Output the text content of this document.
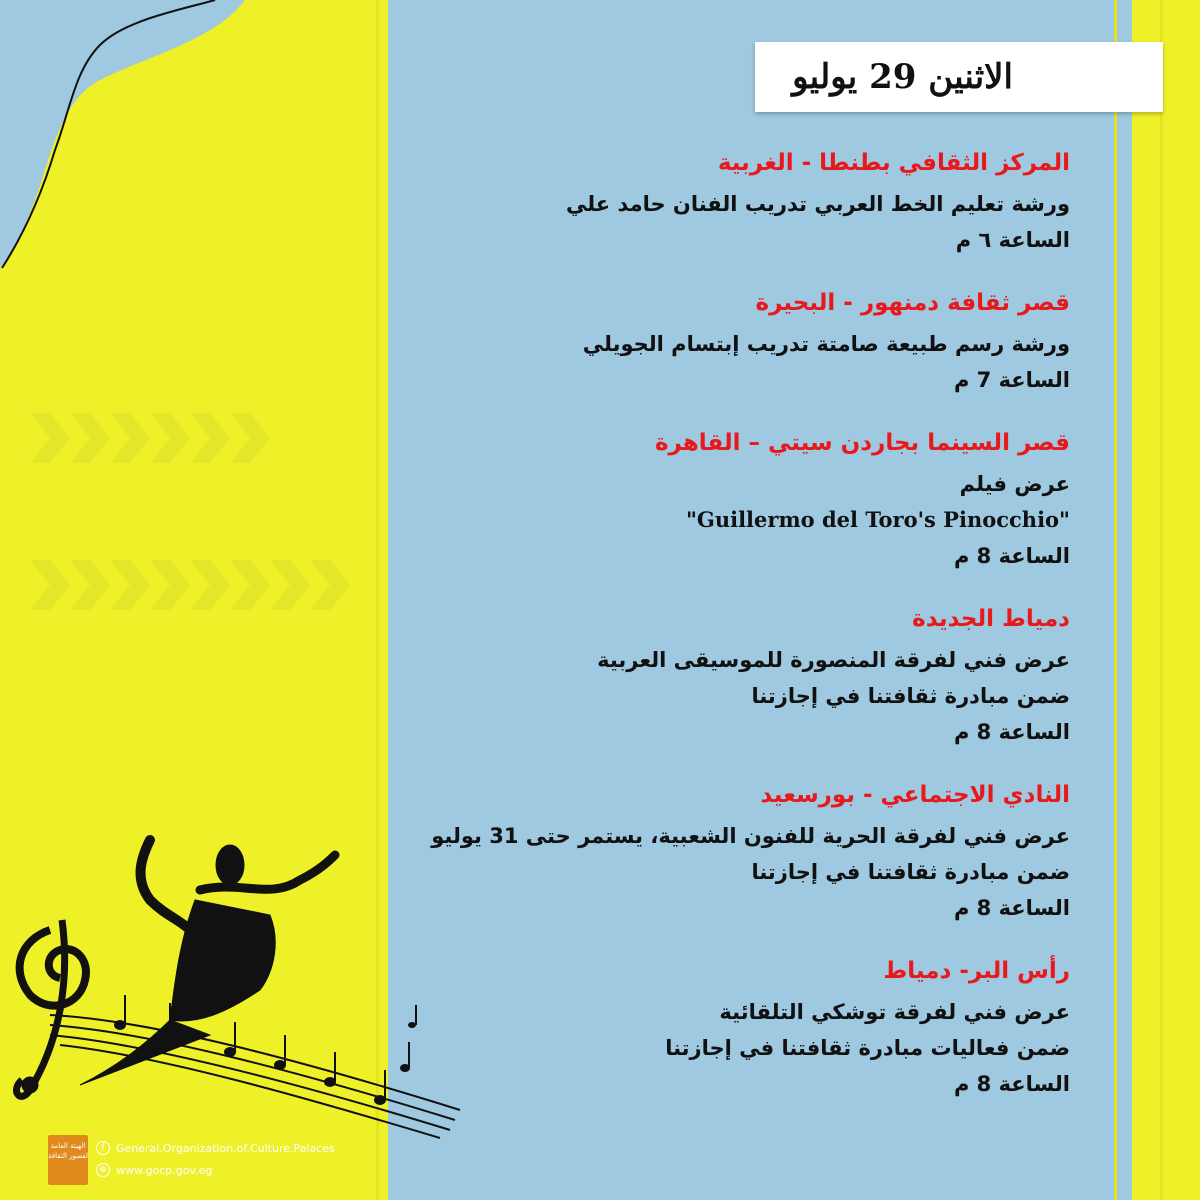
الاثنين 29 يوليو
المركز الثقافي بطنطا - الغربية
ورشة تعليم الخط العربي تدريب الفنان حامد علي
الساعة ٦ م
قصر ثقافة دمنهور - البحيرة
ورشة رسم طبيعة صامتة تدريب إبتسام الجويلي
الساعة 7 م
قصر السينما بجاردن سيتي – القاهرة
عرض فيلم
"Guillermo del Toro's Pinocchio"
الساعة 8 م
دمياط الجديدة
عرض فني لفرقة المنصورة للموسيقى العربية
ضمن مبادرة ثقافتنا في إجازتنا
الساعة 8 م
النادي الاجتماعي - بورسعيد
عرض فني لفرقة الحرية للفنون الشعبية، يستمر حتى 31 يوليو
ضمن مبادرة ثقافتنا في إجازتنا
الساعة 8 م
رأس البر- دمياط
عرض فني لفرقة توشكي التلقائية
ضمن فعاليات مبادرة ثقافتنا في إجازتنا
الساعة 8 م
الهيئة العامة لقصور الثقافة
f	General.Organization.of.Culture.Palaces
⊕ www.gocp.gov.eg
